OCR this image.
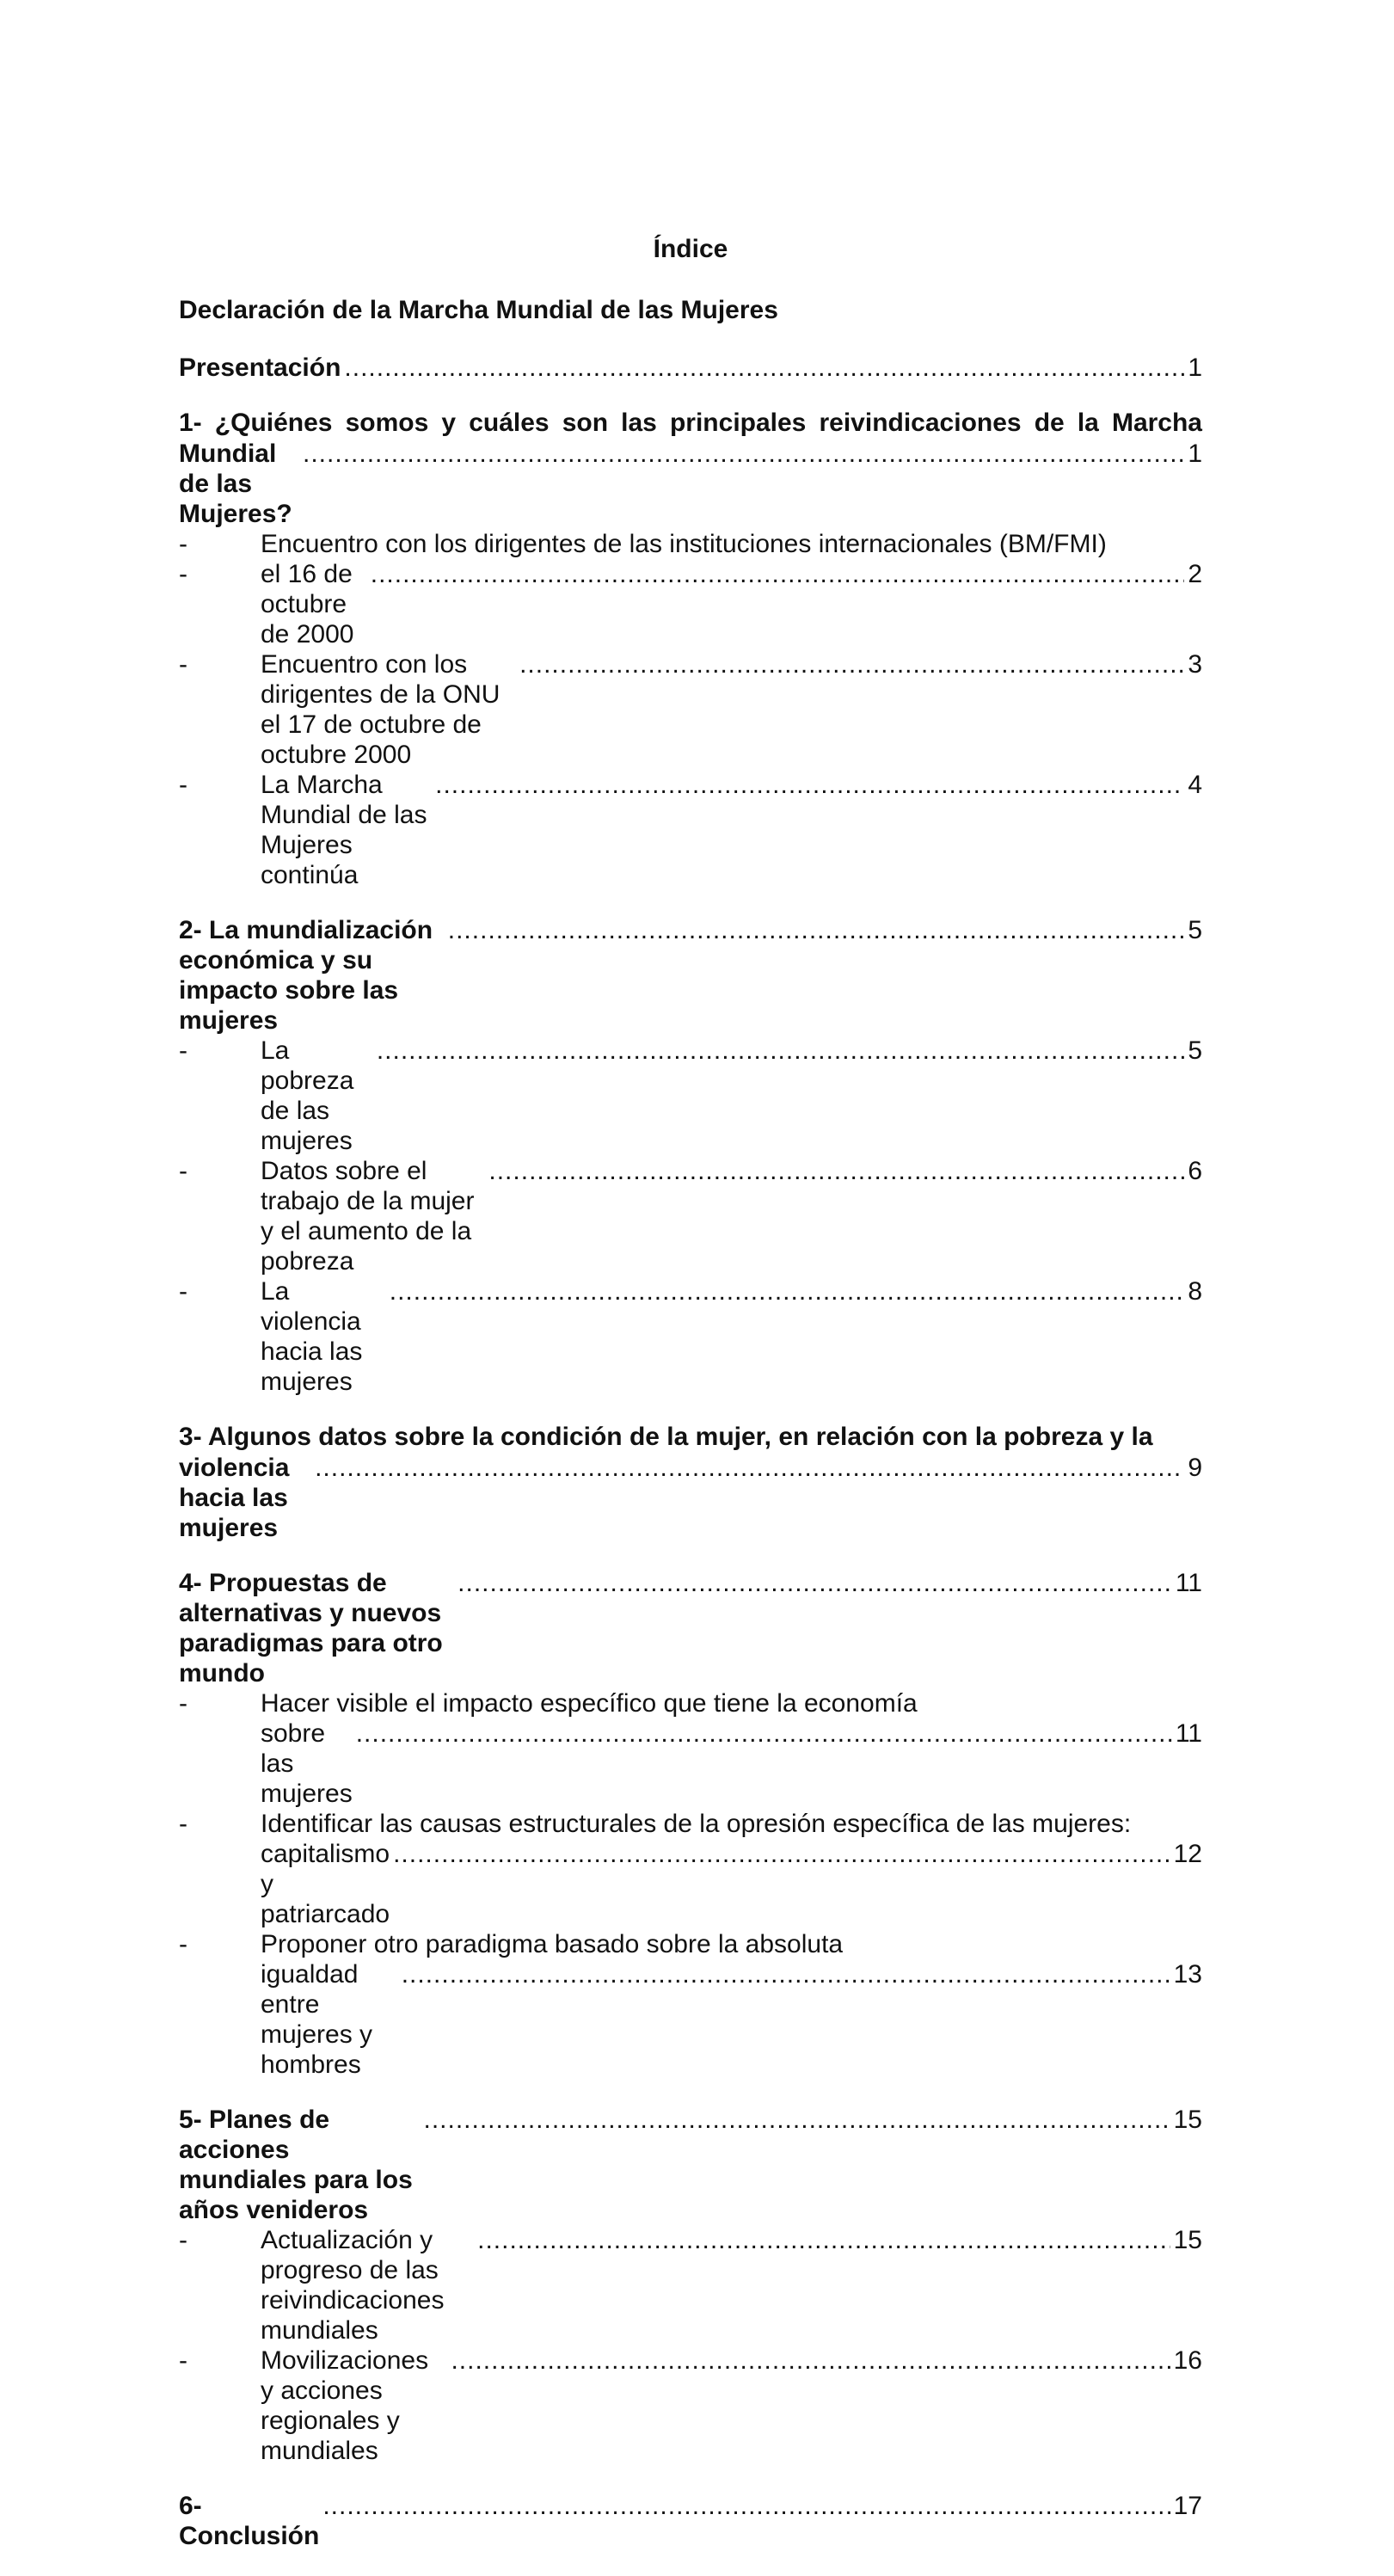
Índice
Declaración de la Marcha Mundial de las Mujeres
Presentación
.....	1
1- ¿Quiénes somos y cuáles son las principales reivindicaciones de la Marcha
Mundial de las Mujeres?
.....
1
-	Encuentro con los dirigentes de las instituciones internacionales (BM/FMI)
-	el 16 de octubre de 2000
.....
2
-	Encuentro con los dirigentes de la ONU el 17 de octubre de octubre 2000
.....
3
-	La Marcha Mundial de las Mujeres continúa
.....
4
2- La mundialización económica y su impacto sobre las mujeres
.....
5
-	La pobreza de las mujeres
.....
5
-	Datos sobre el trabajo de la mujer y el aumento de la pobreza
.....
6
-	La violencia hacia las mujeres
.....
8
3- Algunos datos sobre la condición de la mujer, en relación con la pobreza y la
violencia hacia las mujeres
.....
9
4- Propuestas de alternativas y nuevos paradigmas para otro mundo
.....
11
-	Hacer visible el impacto específico que tiene la economía
sobre las mujeres
.....
11
-	Identificar las causas estructurales de la opresión específica de las mujeres:
capitalismo y patriarcado
.....
12
-	Proponer otro paradigma basado sobre la absoluta
igualdad entre mujeres y hombres
.....
13
5- Planes de acciones mundiales para los años venideros
.....
15
-	Actualización y progreso de las reivindicaciones mundiales
.....
15
-	Movilizaciones y acciones regionales y mundiales
.....
16
6- Conclusión
.....
17
